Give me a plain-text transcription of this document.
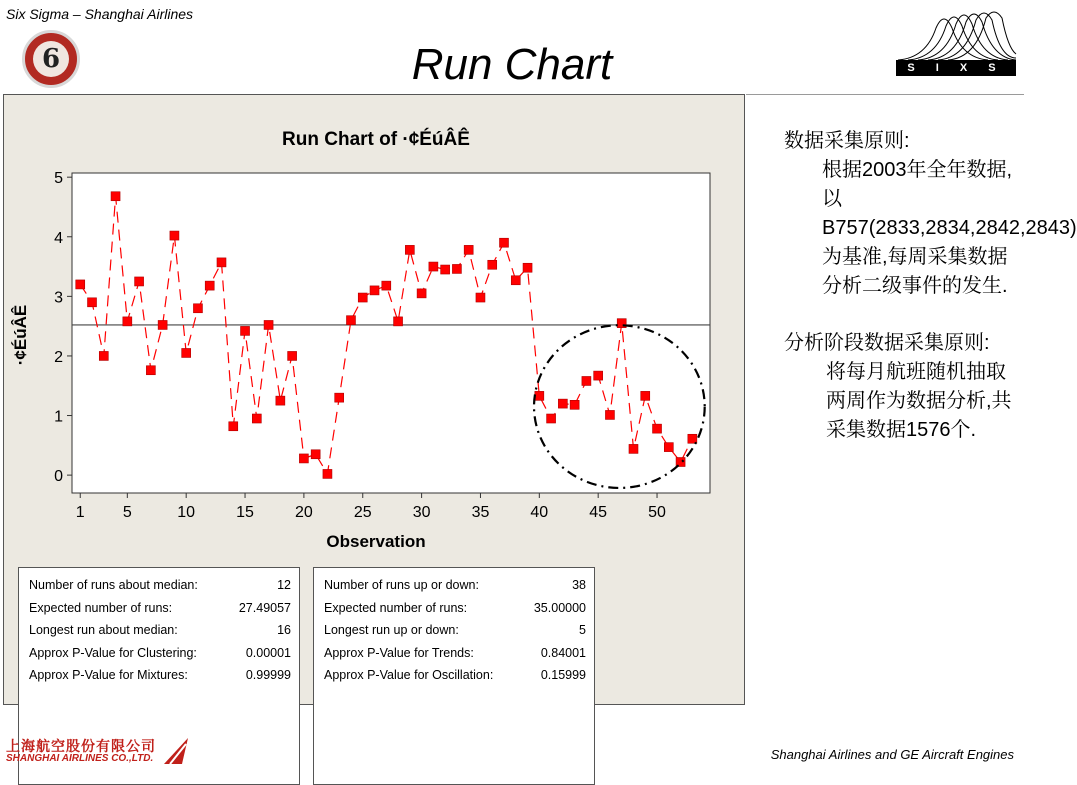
Six Sigma – Shanghai Airlines
6	Run Chart	S I X S I G M A
Run Chart of ·¢ÉúÂÊ
0
1
2
3
4
5
1 5	10	15	20	25	30	35	40	45	50
Observation
·¢ÉúÂÊ
Number of runs about median:	12
Expected number of runs:	27.49057
Longest run about median:	16
Approx P-Value for Clustering:	0.00001
Approx P-Value for Mixtures:	0.99999
Number of runs up or down:	38
Expected number of runs:	35.00000
Longest run up or down:	5
Approx P-Value for Trends:	0.84001
Approx P-Value for Oscillation:	0.15999

数据采集原则:

根据2003年全年数据,以B757(2833,2834,2842,2843)为基准,每周采集数据分析二级事件的发生.

分析阶段数据采集原则:

将每月航班随机抽取两周作为数据分析,共采集数据1576个.

上海航空股份有限公司
SHANGHAI AIRLINES CO.,LTD.	Shanghai Airlines and GE Aircraft Engines
